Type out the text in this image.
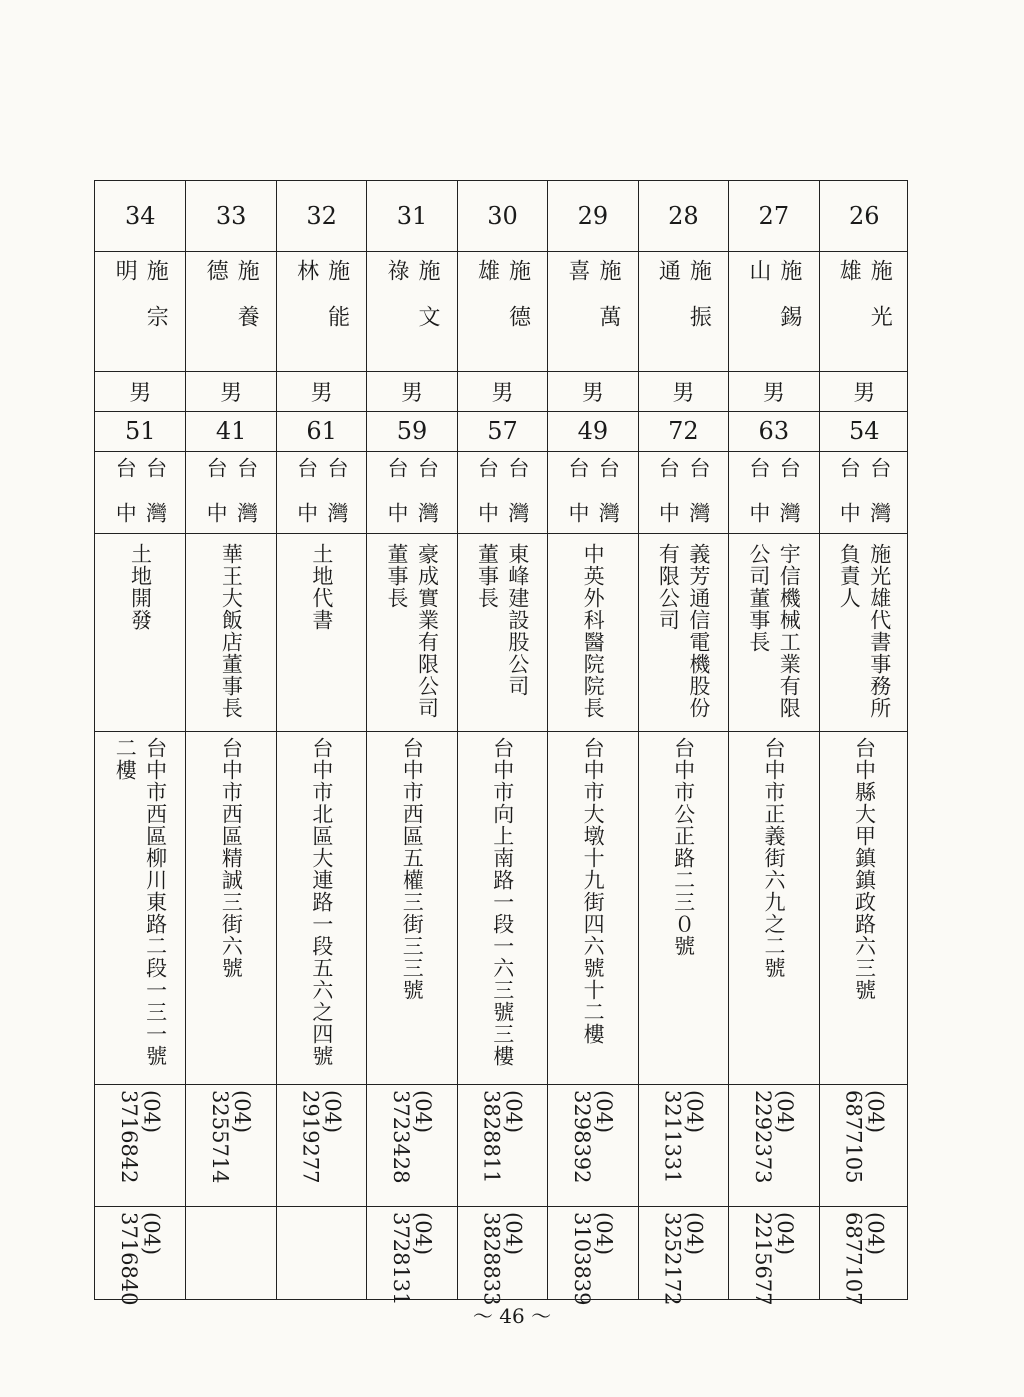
26
施光雄
男
54
台灣
台中
施光雄代書事務所
負責人
台中縣大甲鎮鎮政路六三號
(04)
6877105
(04)
6877107
27
施錫山
男
63
台灣
台中
宇信機械工業有限
公司董事長
台中市正義街六九之二號
(04)
2292373
(04)
2215677
28
施振通
男
72
台灣
台中
義芳通信電機股份
有限公司
台中市公正路二三０號
(04)
3211331
(04)
3252172
29
施萬喜
男
49
台灣
台中
中英外科醫院院長
台中市大墩十九街四六號十二樓
(04)
3298392
(04)
3103839
30
施德雄
男
57
台灣
台中
東峰建設股公司
董事長
台中市向上南路一段一六三號三樓
(04)
3828811
(04)
3828833
31
施文祿
男
59
台灣
台中
豪成實業有限公司
董事長
台中市西區五權三街三三號
(04)
3723428
(04)
3728131
32
施能林
男
61
台灣
台中
土地代書
台中市北區大連路一段五六之四號
(04)
2919277
33
施養德
男
41
台灣
台中
華王大飯店董事長
台中市西區精誠三街六號
(04)
3255714
34
施宗明
男
51
台灣
台中
土地開發
台中市西區柳川東路二段一三一號
二樓
(04)
3716842
(04)
3716840
～ 46 ～
